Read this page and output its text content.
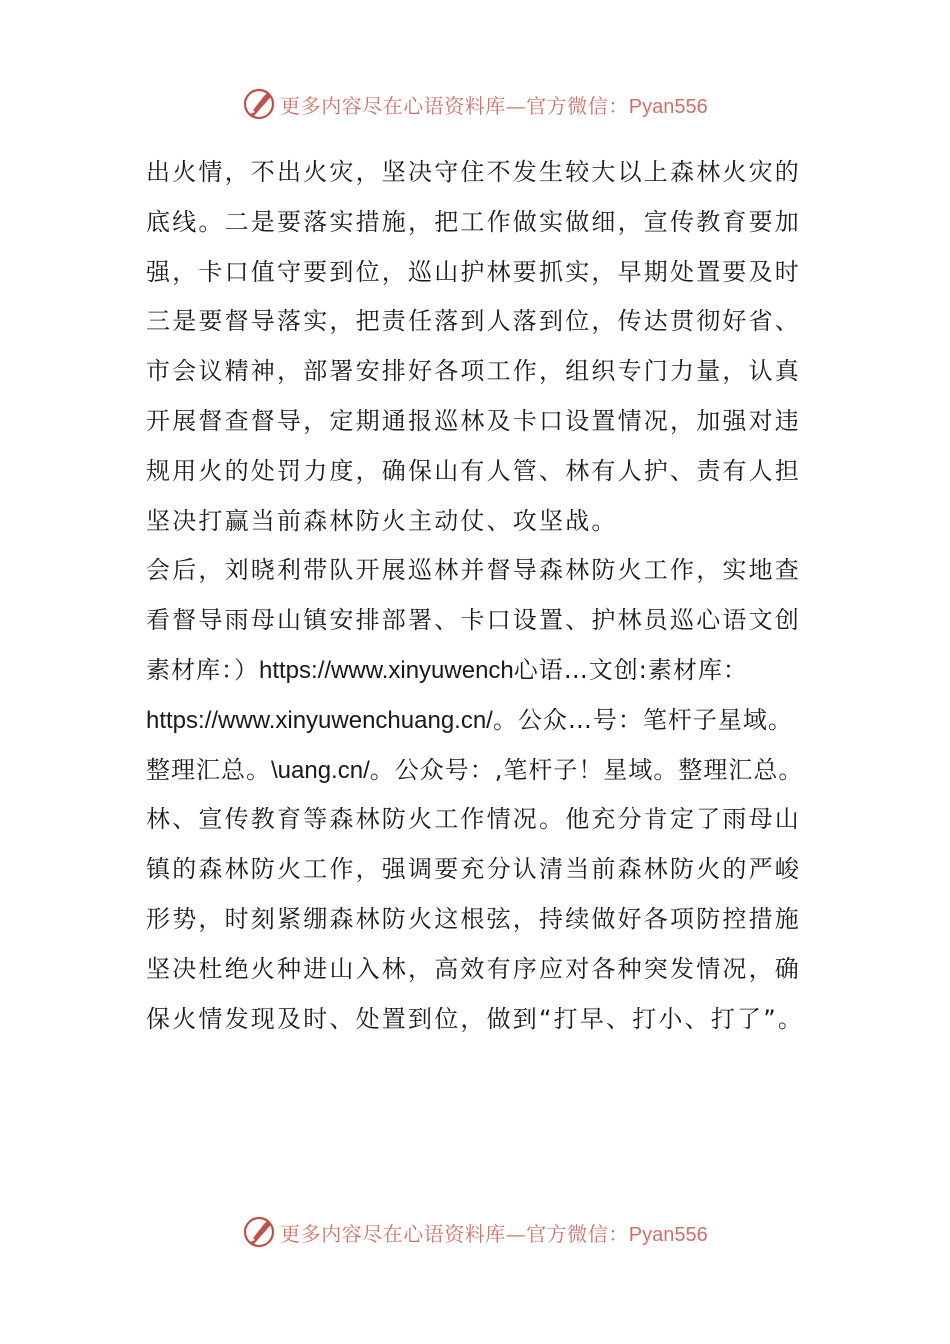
更多内容尽在心语资料库—官方微信：Pyan556
出火情，不出火灾，坚决守住不发生较大以上森林火灾的
底线。二是要落实措施，把工作做实做细，宣传教育要加
强，卡口值守要到位，巡山护林要抓实，早期处置要及时
三是要督导落实，把责任落到人落到位，传达贯彻好省、
市会议精神，部署安排好各项工作，组织专门力量，认真
开展督查督导，定期通报巡林及卡口设置情况，加强对违
规用火的处罚力度，确保山有人管、林有人护、责有人担
坚决打赢当前森林防火主动仗、攻坚战。
会后，刘晓利带队开展巡林并督导森林防火工作，实地查
看督导雨母山镇安排部署、卡口设置、护林员巡心语文创
素材库：）https://www.xinyuwench心语…文创:素材库：
https://www.xinyuwenchuang.cn/。公众…号：笔杆子星域。
整理汇总。\uang.cn/。公众号：,笔杆子！星域。整理汇总。
林、宣传教育等森林防火工作情况。他充分肯定了雨母山
镇的森林防火工作，强调要充分认清当前森林防火的严峻
形势，时刻紧绷森林防火这根弦，持续做好各项防控措施
坚决杜绝火种进山入林，高效有序应对各种突发情况，确
保火情发现及时、处置到位，做到“打早、打小、打了”。
更多内容尽在心语资料库—官方微信：Pyan556
